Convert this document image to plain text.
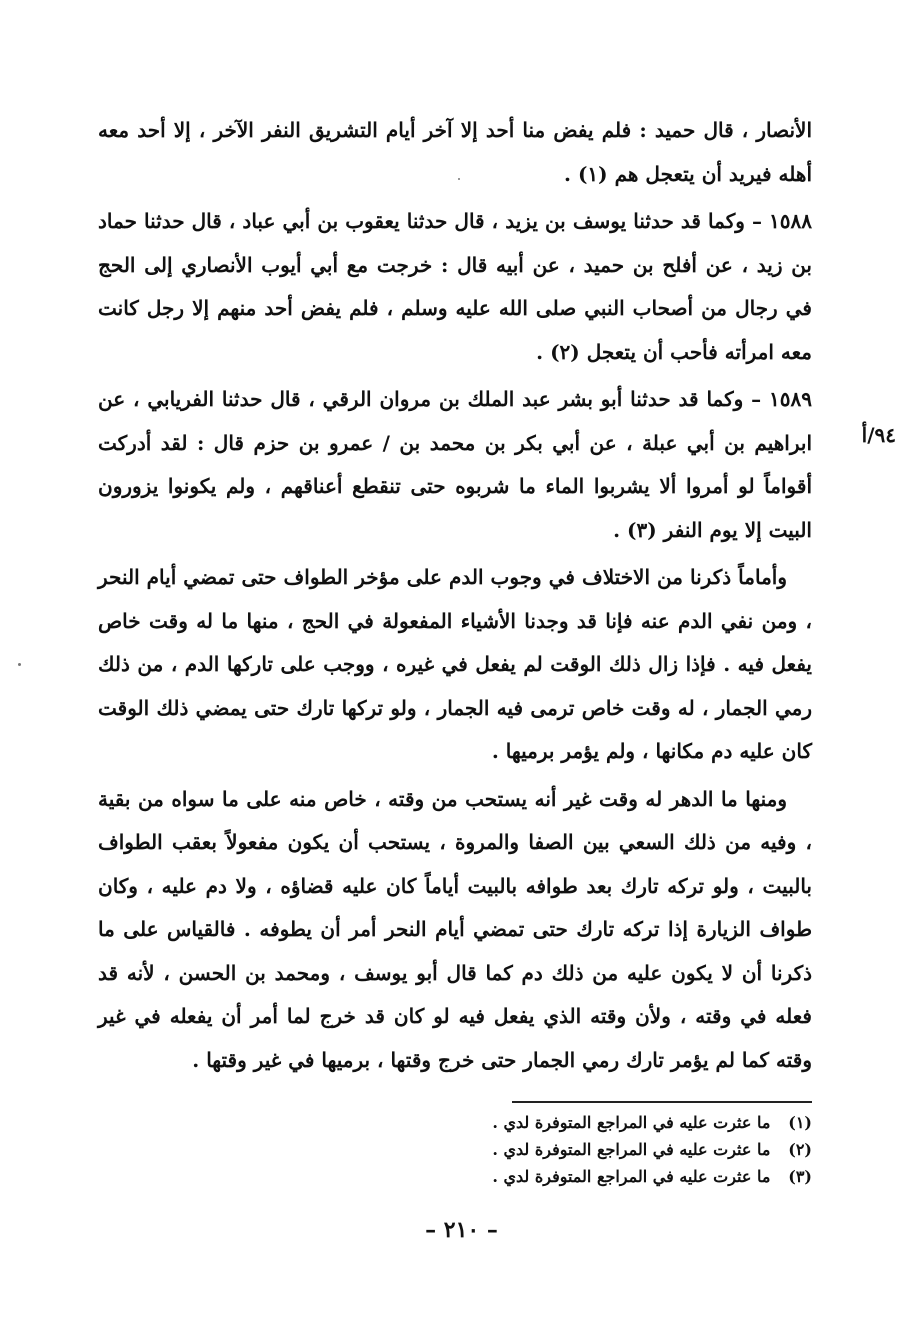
الأنصار ، قال حميد : فلم يفض منا أحد إلا آخر أيام التشريق النفر الآخر ، إلا أحد معه أهله فيريد أن يتعجل هم (١) .

١٥٨٨ – وكما قد حدثنا يوسف بن يزيد ، قال حدثنا يعقوب بن أبي عباد ، قال حدثنا حماد بن زيد ، عن أفلح بن حميد ، عن أبيه قال : خرجت مع أبي أيوب الأنصاري إلى الحج في رجال من أصحاب النبي صلى الله عليه وسلم ، فلم يفض أحد منهم إلا رجل كانت معه امرأته فأحب أن يتعجل (٢) .

١٥٨٩ – وكما قد حدثنا أبو بشر عبد الملك بن مروان الرقي ، قال حدثنا الفريابي ، عن ابراهيم بن أبي عبلة ، عن أبي بكر بن محمد بن / عمرو بن حزم قال : لقد أدركت أقواماً لو أمروا ألا يشربوا الماء ما شربوه حتى تنقطع أعناقهم ، ولم يكونوا يزورون البيت إلا يوم النفر (٣) .

وأماماً ذكرنا من الاختلاف في وجوب الدم على مؤخر الطواف حتى تمضي أيام النحر ، ومن نفي الدم عنه فإنا قد وجدنا الأشياء المفعولة في الحج ، منها ما له وقت خاص يفعل فيه . فإذا زال ذلك الوقت لم يفعل في غيره ، ووجب على تاركها الدم ، من ذلك رمي الجمار ، له وقت خاص ترمى فيه الجمار ، ولو تركها تارك حتى يمضي ذلك الوقت كان عليه دم مكانها ، ولم يؤمر برميها .

ومنها ما الدهر له وقت غير أنه يستحب من وقته ، خاص منه على ما سواه من بقية ، وفيه من ذلك السعي بين الصفا والمروة ، يستحب أن يكون مفعولاً بعقب الطواف بالبيت ، ولو تركه تارك بعد طوافه بالبيت أياماً كان عليه قضاؤه ، ولا دم عليه ، وكان طواف الزيارة إذا تركه تارك حتى تمضي أيام النحر أمر أن يطوفه . فالقياس على ما ذكرنا أن لا يكون عليه من ذلك دم كما قال أبو يوسف ، ومحمد بن الحسن ، لأنه قد فعله في وقته ، ولأن وقته الذي يفعل فيه لو كان قد خرج لما أمر أن يفعله في غير وقته كما لم يؤمر تارك رمي الجمار حتى خرج وقتها ، برميها في غير وقتها .

٩٤/أ
(١) ما عثرت عليه في المراجع المتوفرة لدي .
(٢) ما عثرت عليه في المراجع المتوفرة لدي .
(٣) ما عثرت عليه في المراجع المتوفرة لدي .
– ٢١٠ –
